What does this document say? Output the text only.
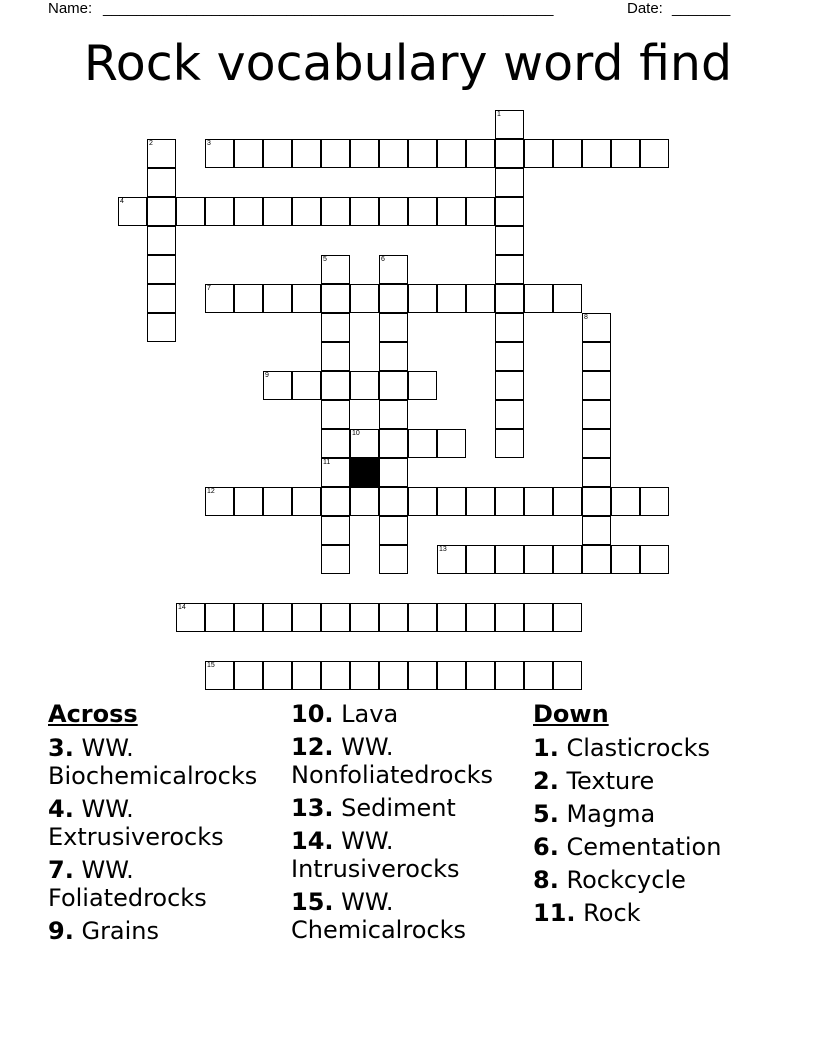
Name: ______________________________________________________	Date: _______
Rock vocabulary word find
3
4
7
9
10
12
13
14
15
1
2
5
11
6
8
Across
3. WW. Biochemicalrocks
4. WW. Extrusiverocks
7. WW. Foliatedrocks
9. Grains
10. Lava
12. WW. Nonfoliatedrocks
13. Sediment
14. WW. Intrusiverocks
15. WW. Chemicalrocks
Down
1. Clasticrocks
2. Texture
5. Magma
6. Cementation
8. Rockcycle
11. Rock
